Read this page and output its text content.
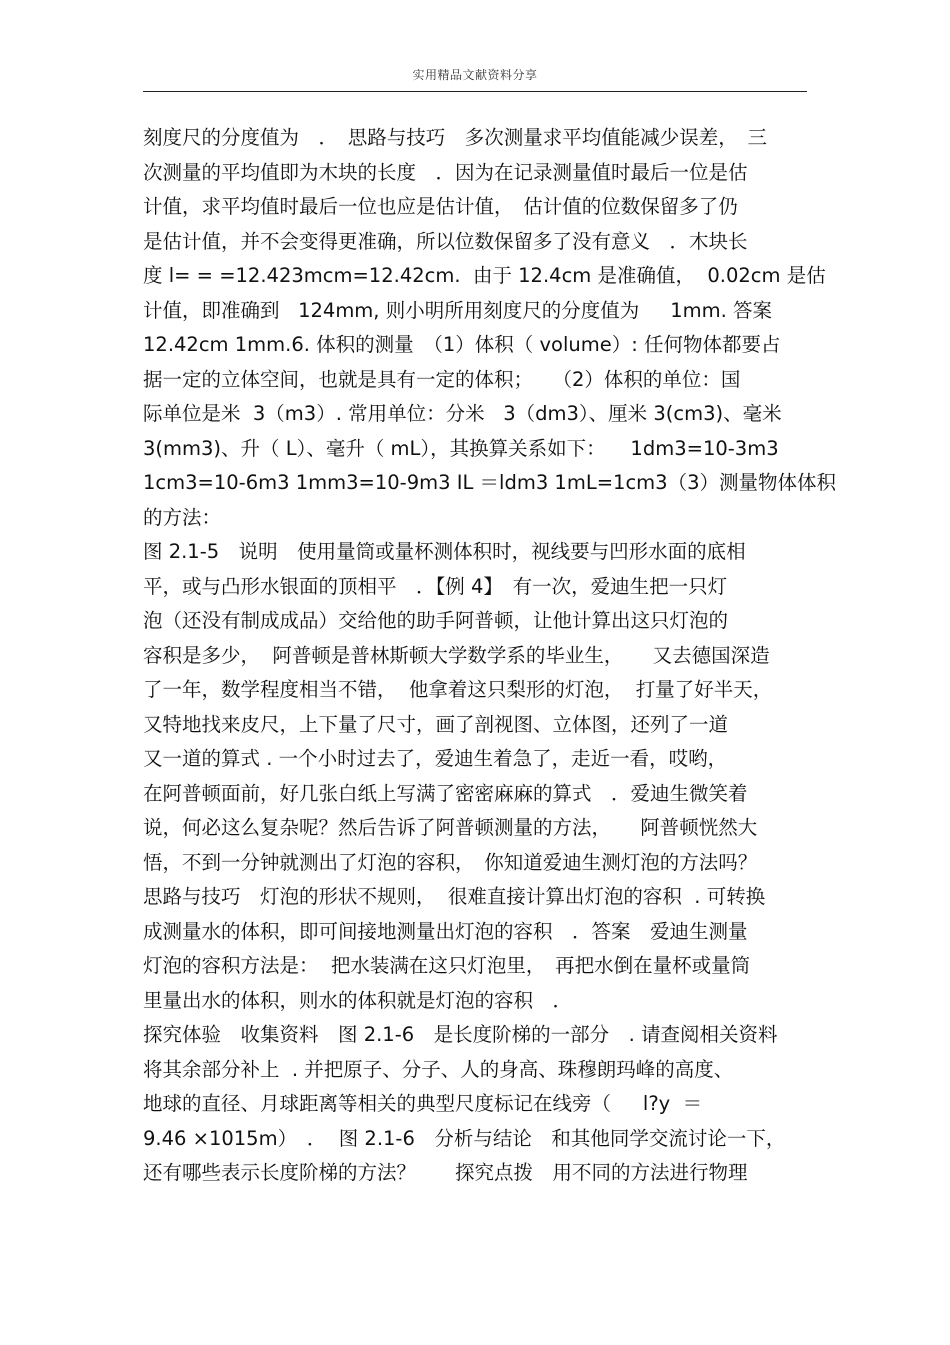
实用精品文献资料分享
刻度尺的分度值为　．　思路与技巧　多次测量求平均值能减少误差，　三
次测量的平均值即为木块的长度　．因为在记录测量值时最后一位是估
计值，求平均值时最后一位也应是估计值，　估计值的位数保留多了仍
是估计值，并不会变得更准确，所以位数保留多了没有意义　．木块长
度 l= = =12.423mcm=12.42cm.  由于 12.4cm 是准确值，  0.02cm 是估
计值，即准确到   124mm, 则小明所用刻度尺的分度值为     1mm. 答案
12.42cm 1mm.6. 体积的测量　（1）体积（ volume）: 任何物体都要占
据一定的立体空间，也就是具有一定的体积；　　（2）体积的单位：国
际单位是米  3（m3）. 常用单位：分米   3（dm3）、厘米 3(cm3)、毫米
3(mm3)、升（ L）、毫升（ mL），其换算关系如下：    1dm3=10-3m3
1cm3=10-6m3 1mm3=10-9m3 IL ＝ldm3 1mL=1cm3（3）测量物体体积
的方法：
图 2.1-5　说明　使用量筒或量杯测体积时，视线要与凹形水面的底相
平，或与凸形水银面的顶相平　．【例 4】　有一次，爱迪生把一只灯
泡（还没有制成成品）交给他的助手阿普顿，让他计算出这只灯泡的
容积是多少，  阿普顿是普林斯顿大学数学系的毕业生，　　又去德国深造
了一年，数学程度相当不错，  他拿着这只梨形的灯泡，  打量了好半天，
又特地找来皮尺，上下量了尺寸，画了剖视图、立体图，还列了一道
又一道的算式 . 一个小时过去了，爱迪生着急了，走近一看，哎哟，
在阿普顿面前，好几张白纸上写满了密密麻麻的算式　．爱迪生微笑着
说，何必这么复杂呢？然后告诉了阿普顿测量的方法，　　阿普顿恍然大
悟，不到一分钟就测出了灯泡的容积，　你知道爱迪生测灯泡的方法吗？
思路与技巧　灯泡的形状不规则，  很难直接计算出灯泡的容积  . 可转换
成测量水的体积，即可间接地测量出灯泡的容积　．答案　爱迪生测量
灯泡的容积方法是：  把水装满在这只灯泡里，　再把水倒在量杯或量筒
里量出水的体积，则水的体积就是灯泡的容积　．
探究体验　收集资料　图 2.1-6　是长度阶梯的一部分　. 请查阅相关资料
将其余部分补上  . 并把原子、分子、人的身高、珠穆朗玛峰的高度、
地球的直径、月球距离等相关的典型尺度标记在线旁（　  l?y  ＝
9.46 ×1015m）　．  图 2.1-6　分析与结论　和其他同学交流讨论一下，
还有哪些表示长度阶梯的方法？　　探究点拨　用不同的方法进行物理
